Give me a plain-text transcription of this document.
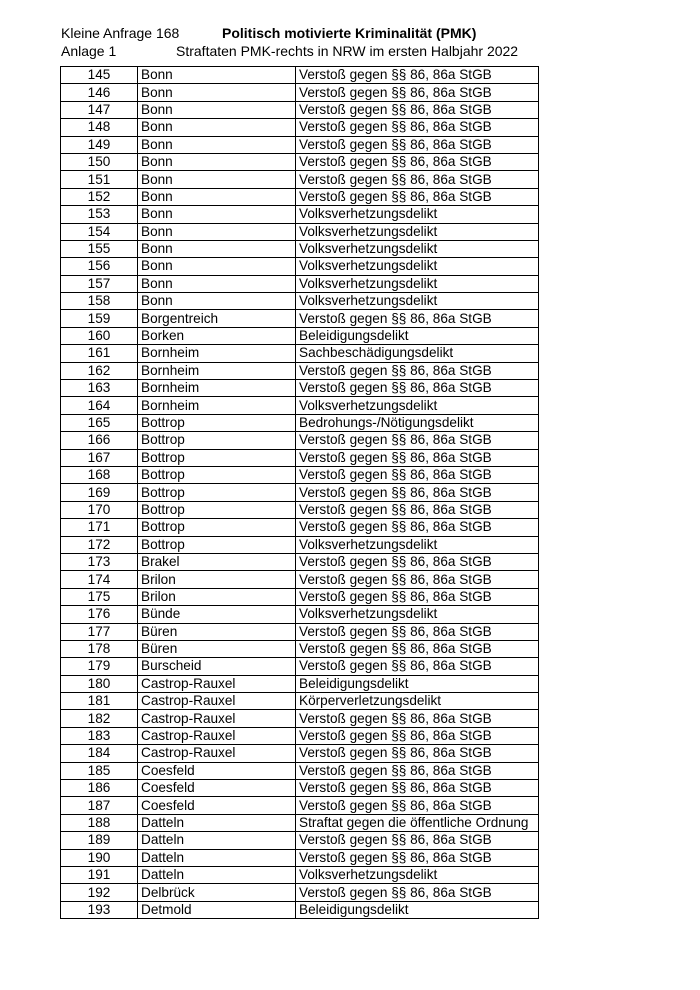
Kleine Anfrage 168
Anlage 1
Politisch motivierte Kriminalität (PMK)
Straftaten PMK-rechts in NRW im ersten Halbjahr 2022
145	Bonn	Verstoß gegen §§ 86, 86a StGB
146	Bonn	Verstoß gegen §§ 86, 86a StGB
147	Bonn	Verstoß gegen §§ 86, 86a StGB
148	Bonn	Verstoß gegen §§ 86, 86a StGB
149	Bonn	Verstoß gegen §§ 86, 86a StGB
150	Bonn	Verstoß gegen §§ 86, 86a StGB
151	Bonn	Verstoß gegen §§ 86, 86a StGB
152	Bonn	Verstoß gegen §§ 86, 86a StGB
153	Bonn	Volksverhetzungsdelikt
154	Bonn	Volksverhetzungsdelikt
155	Bonn	Volksverhetzungsdelikt
156	Bonn	Volksverhetzungsdelikt
157	Bonn	Volksverhetzungsdelikt
158	Bonn	Volksverhetzungsdelikt
159	Borgentreich	Verstoß gegen §§ 86, 86a StGB
160	Borken	Beleidigungsdelikt
161	Bornheim	Sachbeschädigungsdelikt
162	Bornheim	Verstoß gegen §§ 86, 86a StGB
163	Bornheim	Verstoß gegen §§ 86, 86a StGB
164	Bornheim	Volksverhetzungsdelikt
165	Bottrop	Bedrohungs-/Nötigungsdelikt
166	Bottrop	Verstoß gegen §§ 86, 86a StGB
167	Bottrop	Verstoß gegen §§ 86, 86a StGB
168	Bottrop	Verstoß gegen §§ 86, 86a StGB
169	Bottrop	Verstoß gegen §§ 86, 86a StGB
170	Bottrop	Verstoß gegen §§ 86, 86a StGB
171	Bottrop	Verstoß gegen §§ 86, 86a StGB
172	Bottrop	Volksverhetzungsdelikt
173	Brakel	Verstoß gegen §§ 86, 86a StGB
174	Brilon	Verstoß gegen §§ 86, 86a StGB
175	Brilon	Verstoß gegen §§ 86, 86a StGB
176	Bünde	Volksverhetzungsdelikt
177	Büren	Verstoß gegen §§ 86, 86a StGB
178	Büren	Verstoß gegen §§ 86, 86a StGB
179	Burscheid	Verstoß gegen §§ 86, 86a StGB
180	Castrop-Rauxel	Beleidigungsdelikt
181	Castrop-Rauxel	Körperverletzungsdelikt
182	Castrop-Rauxel	Verstoß gegen §§ 86, 86a StGB
183	Castrop-Rauxel	Verstoß gegen §§ 86, 86a StGB
184	Castrop-Rauxel	Verstoß gegen §§ 86, 86a StGB
185	Coesfeld	Verstoß gegen §§ 86, 86a StGB
186	Coesfeld	Verstoß gegen §§ 86, 86a StGB
187	Coesfeld	Verstoß gegen §§ 86, 86a StGB
188	Datteln	Straftat gegen die öffentliche Ordnung
189	Datteln	Verstoß gegen §§ 86, 86a StGB
190	Datteln	Verstoß gegen §§ 86, 86a StGB
191	Datteln	Volksverhetzungsdelikt
192	Delbrück	Verstoß gegen §§ 86, 86a StGB
193	Detmold	Beleidigungsdelikt
